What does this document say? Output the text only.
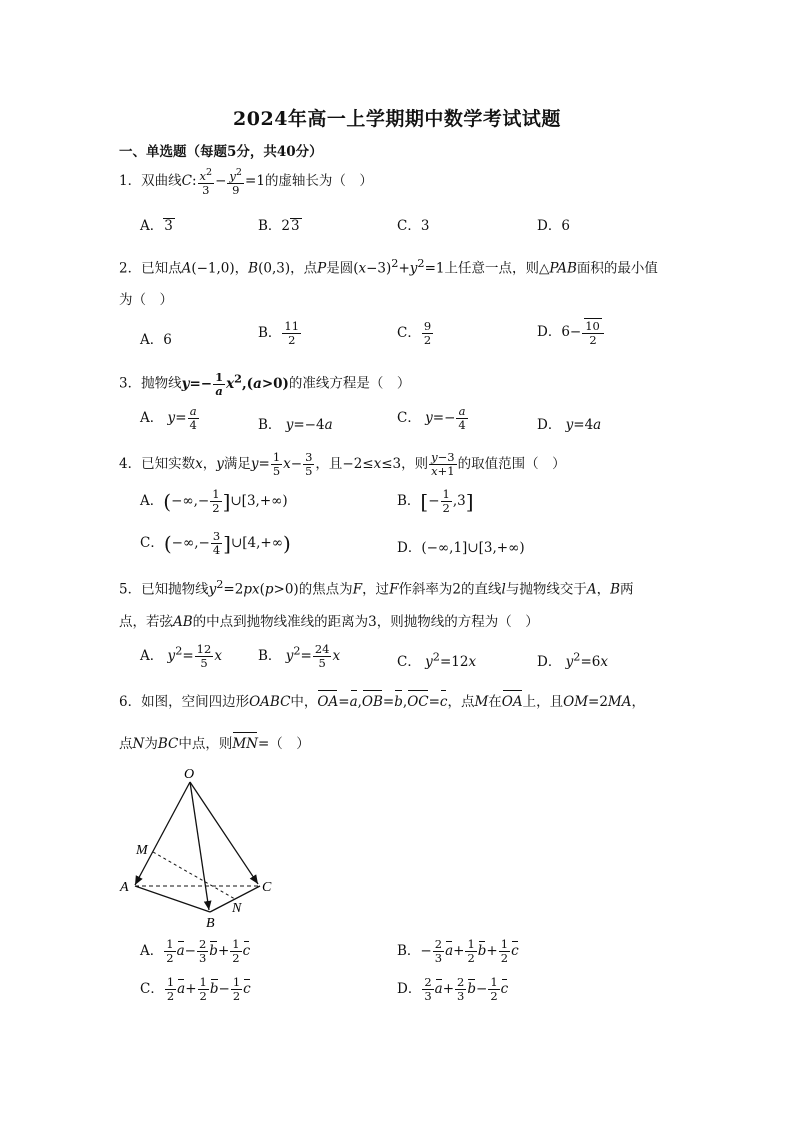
2024年高一上学期期中数学考试试题
一、单选题（每题5分，共40分）
1．双曲线C: $\frac{x^2}{3} - \frac{y^2}{9} =1$的虚轴长为（　）
A．3	B．23	C．3	D．6
2．已知点A(−1,0)，B(0,3)，点P是圆$(x-3)^2+y^2=1$上任意一点，则△PAB面积的最小值
为（　）
A．6	B． $\frac{11}{2}$	C． $\frac{9}{2}$	D．$6- \frac{10}{2}$
3．抛物线$y=- \frac{1}{a} x^2,(a>0)$的准线方程是（　）
A． $y= \frac{a}{4}$	B． y=−4a	C． $y=- \frac{a}{4}$	D． y=4a
4．已知实数x，y满足$y= \frac{1}{5} x- \frac{3}{5}$ ，且−2≤x≤3，则 $\frac{y-3}{x+1}$ 的取值范围（　）
A．(−∞,− $\frac{1}{2}$ ]∪[3,+∞)	B．[− $\frac{1}{2} ,3$]
C．(−∞,− $\frac{3}{4}$ ]∪[4,+∞)	D．(−∞,1]∪[3,+∞)
5．已知抛物线$y^2=2px(p>0)$的焦点为F，过F作斜率为2的直线l与抛物线交于A，B两
点，若弦AB的中点到抛物线准线的距离为3，则抛物线的方程为（　）
A． $y^2= \frac{12}{5}$ x	B． $y^2= \frac{24}{5}$ x	C． $y^2=12x$	D． $y^2=6x$
6．如图，空间四边形OABC中，OA=a,OB=b,OC=c，点M在OA上，且OM=2MA，
点N为BC中点，则MN=（　）
O
M
A	C
N
B
A． $\frac{1}{2} a- \frac{2}{3} b+ \frac{1}{2}$ c	B．− $\frac{2}{3} a+ \frac{1}{2} b+ \frac{1}{2}$ c
C． $\frac{1}{2} a+ \frac{1}{2} b- \frac{1}{2}$ c	D． $\frac{2}{3} a+ \frac{2}{3} b- \frac{1}{2}$ c
